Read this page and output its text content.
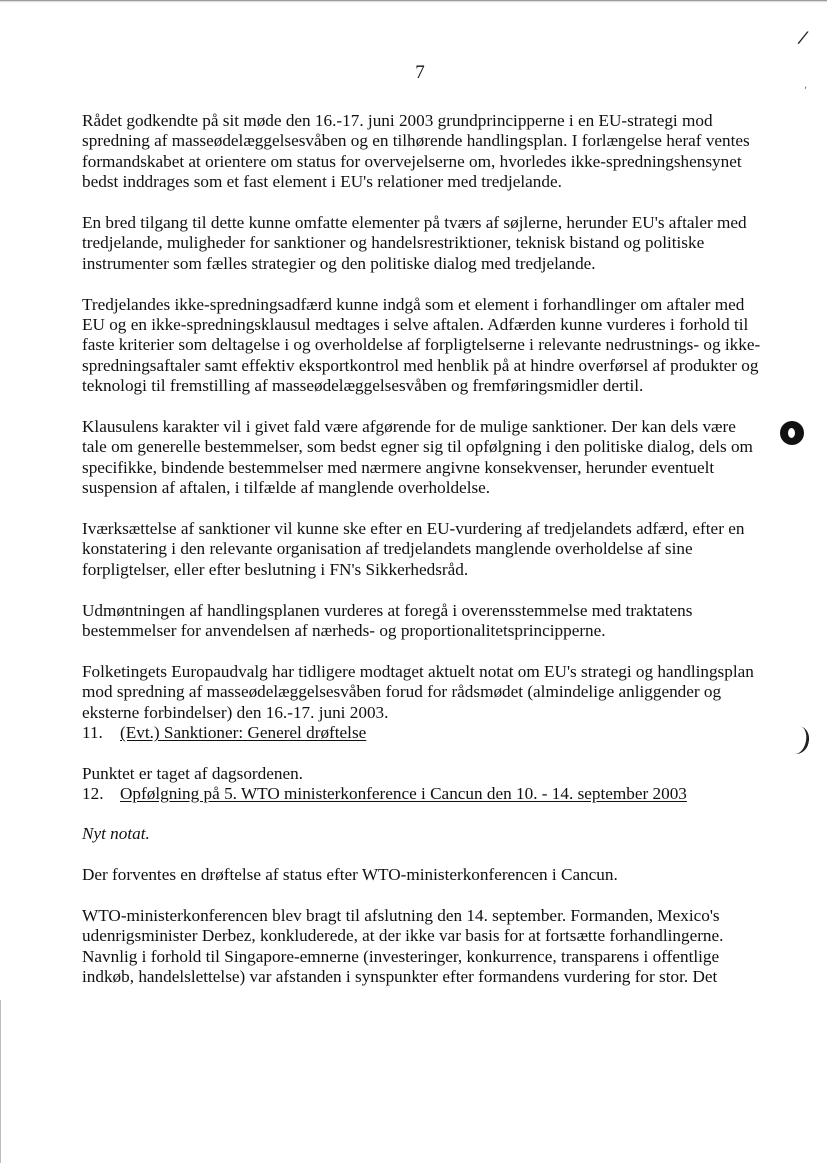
7
/
,

Rådet godkendte på sit møde den 16.-17. juni 2003 grundprincipperne i en EU-strategi mod spredning af masseødelæggelsesvåben og en tilhørende handlingsplan. I forlængelse heraf ventes formandskabet at orientere om status for overvejelserne om, hvorledes ikke-spredningshensynet bedst inddrages som et fast element i EU's relationer med tredjelande.

En bred tilgang til dette kunne omfatte elementer på tværs af søjlerne, herunder EU's aftaler med tredjelande, muligheder for sanktioner og handelsrestriktioner, teknisk bistand og politiske instrumenter som fælles strategier og den politiske dialog med tredjelande.

Tredjelandes ikke-spredningsadfærd kunne indgå som et element i forhandlinger om aftaler med EU og en ikke-spredningsklausul medtages i selve aftalen. Adfærden kunne vurderes i forhold til faste kriterier som deltagelse i og overholdelse af forpligtelserne i relevante nedrustnings- og ikke-spredningsaftaler samt effektiv eksportkontrol med henblik på at hindre overførsel af produkter og teknologi til fremstilling af masseødelæggelsesvåben og fremføringsmidler dertil.

Klausulens karakter vil i givet fald være afgørende for de mulige sanktioner. Der kan dels være tale om generelle bestemmelser, som bedst egner sig til opfølgning i den politiske dialog, dels om specifikke, bindende bestemmelser med nærmere angivne konsekvenser, herunder eventuelt suspension af aftalen, i tilfælde af manglende overholdelse.

Iværksættelse af sanktioner vil kunne ske efter en EU-vurdering af tredjelandets adfærd, efter en konstatering i den relevante organisation af tredjelandets manglende overholdelse af sine forpligtelser, eller efter beslutning i FN's Sikkerhedsråd.

Udmøntningen af handlingsplanen vurderes at foregå i overensstemmelse med traktatens bestemmelser for anvendelsen af nærheds- og proportionalitetsprincipperne.

Folketingets Europaudvalg har tidligere modtaget aktuelt notat om EU's strategi og handlingsplan mod spredning af masseødelæggelsesvåben forud for rådsmødet (almindelige anliggender og eksterne forbindelser) den 16.-17. juni 2003.

11. (Evt.) Sanktioner: Generel drøftelse

Punktet er taget af dagsordenen.

12. Opfølgning på 5. WTO ministerkonference i Cancun den 10. - 14. september 2003

Nyt notat.

Der forventes en drøftelse af status efter WTO-ministerkonferencen i Cancun.

WTO-ministerkonferencen blev bragt til afslutning den 14. september. Formanden, Mexico's udenrigsminister Derbez, konkluderede, at der ikke var basis for at fortsætte forhandlingerne. Navnlig i forhold til Singapore-emnerne (investeringer, konkurrence, transparens i offentlige indkøb, handelslettelse) var afstanden i synspunkter efter formandens vurdering for stor. Det
